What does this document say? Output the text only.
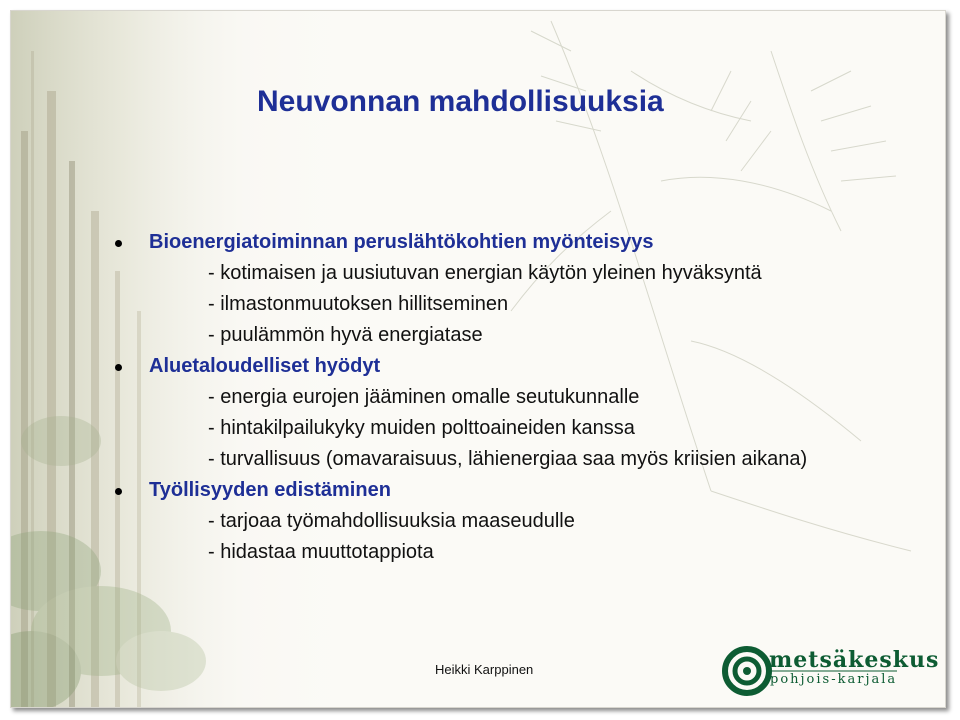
Neuvonnan mahdollisuuksia
Bioenergiatoiminnan peruslähtökohtien myönteisyys
- kotimaisen ja uusiutuvan energian käytön yleinen hyväksyntä
- ilmastonmuutoksen hillitseminen
- puulämmön hyvä energiatase
Aluetaloudelliset hyödyt
- energia eurojen jääminen omalle seutukunnalle
- hintakilpailukyky muiden polttoaineiden kanssa
- turvallisuus (omavaraisuus, lähienergiaa saa myös kriisien aikana)
Työllisyyden edistäminen
- tarjoaa työmahdollisuuksia maaseudulle
- hidastaa muuttotappiota
Heikki Karppinen	metsäkeskus
pohjois-karjala
